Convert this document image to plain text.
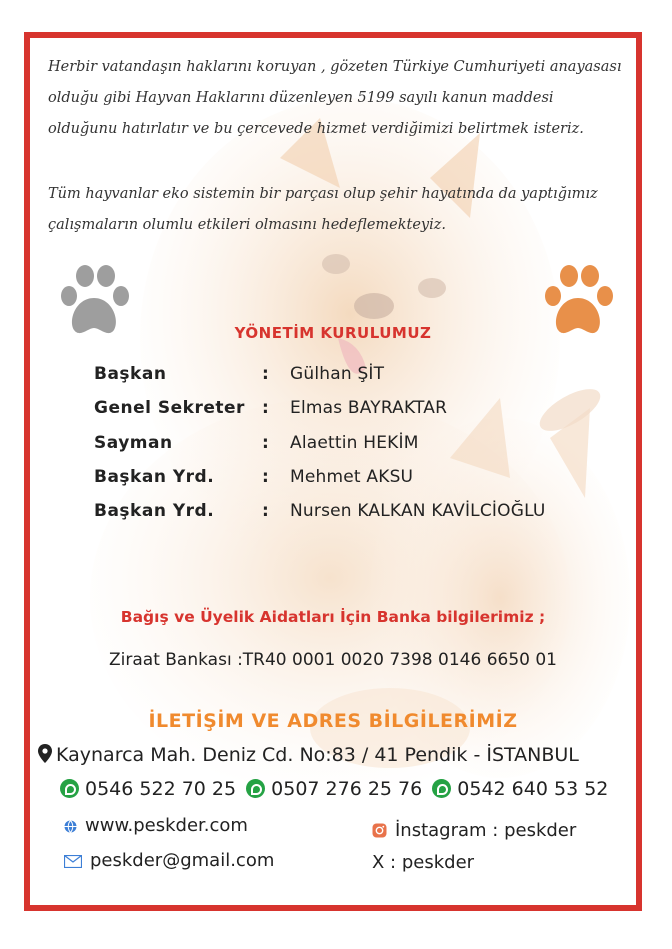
Herbir vatandaşın haklarını koruyan , gözeten Türkiye Cumhuriyeti anayasası

olduğu gibi Hayvan Haklarını düzenleyen 5199 sayılı kanun maddesi

olduğunu hatırlatır ve bu çercevede hizmet verdiğimizi belirtmek isteriz.

Tüm hayvanlar eko sistemin bir parçası olup şehir hayatında da yaptığımız

çalışmaların olumlu etkileri olmasını hedeflemekteyiz.

YÖNETİM KURULUMUZ
Başkan	: Gülhan ŞİT
Genel Sekreter : Elmas BAYRAKTAR
Sayman	: Alaettin HEKİM
Başkan Yrd.	: Mehmet AKSU
Başkan Yrd.	: Nursen KALKAN KAVİLCİOĞLU
Bağış ve Üyelik Aidatları İçin Banka bilgilerimiz ;
Ziraat Bankası :TR40 0001 0020 7398 0146 6650 01
İLETİŞİM VE ADRES BİLGİLERİMİZ
Kaynarca Mah. Deniz Cd. No:83 / 41 Pendik - İSTANBUL
0546 522 70 25 0507 276 25 76 0542 640 53 52
www.peskder.com
peskder@gmail.com
İnstagram : peskder
X : peskder
